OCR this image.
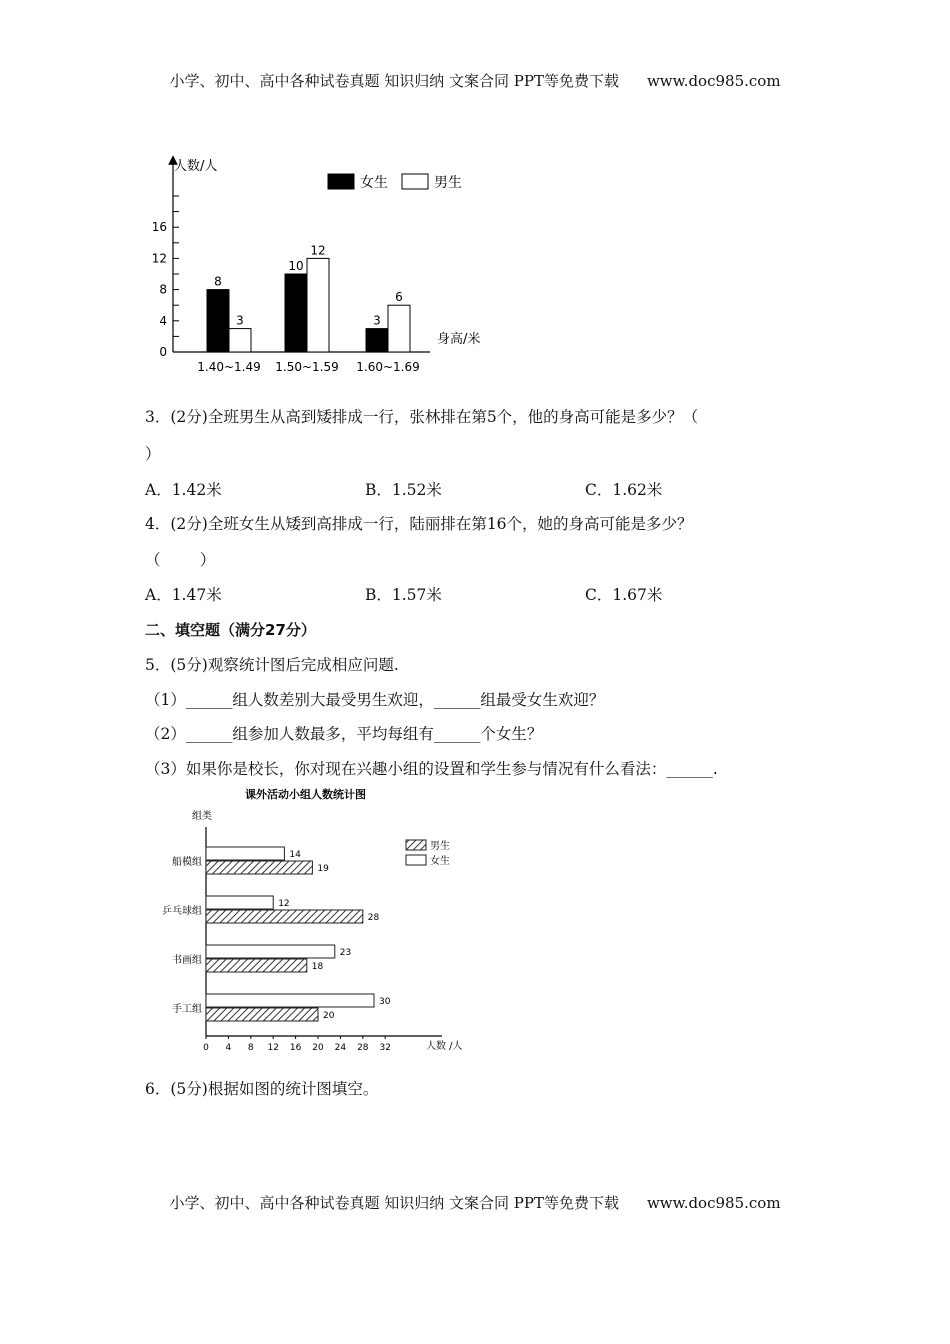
小学、初中、高中各种试卷真题 知识归纳 文案合同 PPT等免费下载 www.doc985.com
0
4
8
12
16
人数/人
身高/米
8
3
1.40~1.49
10
12
1.50~1.59
3
6
1.60~1.69
女生	男生
3．(2分)全班男生从高到矮排成一行，张林排在第5个，他的身高可能是多少？（
）
A．1.42米	B．1.52米	C．1.62米
4．(2分)全班女生从矮到高排成一行，陆丽排在第16个，她的身高可能是多少？
（        ）
A．1.47米	B．1.57米	C．1.67米
二、填空题（满分27分）
5．(5分)观察统计图后完成相应问题.
（1）______组人数差别大最受男生欢迎，______组最受女生欢迎？
（2）______组参加人数最多，平均每组有______个女生？
（3）如果你是校长，你对现在兴趣小组的设置和学生参与情况有什么看法：______.
课外活动小组人数统计图
组类
0 4 8 12 16 20 24 28 32	人数 /人
14
19
船模组
12
28
乒乓球组
23
18
书画组
30
20
手工组
男生
女生
6．(5分)根据如图的统计图填空。
小学、初中、高中各种试卷真题 知识归纳 文案合同 PPT等免费下载 www.doc985.com
